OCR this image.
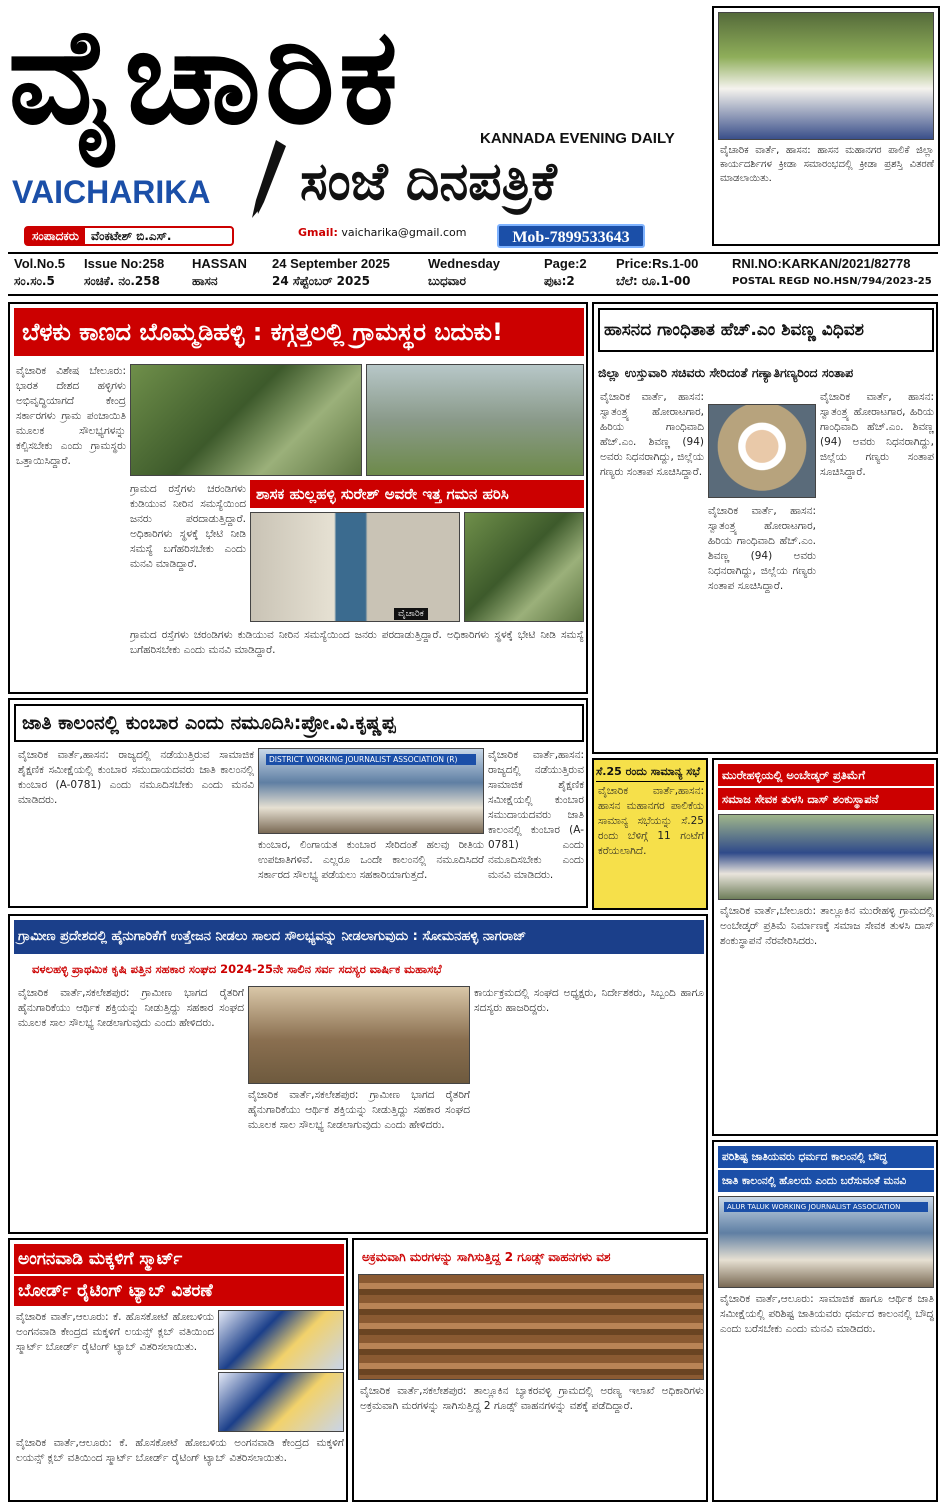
ವೈಚಾರಿಕ
VAICHARIKA
KANNADA EVENING DAILY
ಸಂಜೆ ದಿನಪತ್ರಿಕೆ
ಸಂಪಾದಕರು	ವೆಂಕಟೇಶ್ ಬಿ.ಎಸ್.	Gmail: vaicharika@gmail.com	Mob-7899533643
ವೈಚಾರಿಕ ವಾರ್ತೆ, ಹಾಸನ: ಹಾಸನ ಮಹಾನಗರ ಪಾಲಿಕೆ ಜಿಲ್ಲಾ ಕಾರ್ಯದರ್ಶಿಗಳ ಕ್ರೀಡಾ ಸಮಾರಂಭದಲ್ಲಿ ಕ್ರೀಡಾ ಪ್ರಶಸ್ತಿ ವಿತರಣೆ ಮಾಡಲಾಯಿತು.
Vol.No.5 Issue No:258 HASSAN 24 September 2025	Wednesday	Page:2 Price:Rs.1-00	RNI.NO:KARKAN/2021/82778
ಸಂ.ಸಂ.5 ಸಂಚಿಕೆ. ನಂ.258	ಹಾಸನ	24 ಸೆಪ್ಟೆಂಬರ್ 2025	ಬುಧವಾರ	ಪುಟ:2	ಬೆಲೆ: ರೂ.1-00	POSTAL REGD NO.HSN/794/2023-25
ಬೆಳಕು ಕಾಣದ ಬೊಮ್ಮಡಿಹಳ್ಳಿ : ಕಗ್ಗತ್ತಲಲ್ಲಿ ಗ್ರಾಮಸ್ಥರ ಬದುಕು!
ವೈಚಾರಿಕ ವಿಶೇಷ ಬೇಲೂರು: ಭಾರತ ದೇಶದ ಹಳ್ಳಿಗಳು ಅಭಿವೃದ್ಧಿಯಾಗದೆ ಕೇಂದ್ರ ಸರ್ಕಾರಗಳು ಗ್ರಾಮ ಪಂಚಾಯಿತಿ ಮೂಲಕ ಸೌಲಭ್ಯಗಳನ್ನು ಕಲ್ಪಿಸಬೇಕು ಎಂದು ಗ್ರಾಮಸ್ಥರು ಒತ್ತಾಯಿಸಿದ್ದಾರೆ.
ಶಾಸಕ ಹುಲ್ಲಹಳ್ಳಿ ಸುರೇಶ್ ಅವರೇ ಇತ್ತ ಗಮನ ಹರಿಸಿ
ಗ್ರಾಮದ ರಸ್ತೆಗಳು ಚರಂಡಿಗಳು ಕುಡಿಯುವ ನೀರಿನ ಸಮಸ್ಯೆಯಿಂದ ಜನರು ಪರದಾಡುತ್ತಿದ್ದಾರೆ. ಅಧಿಕಾರಿಗಳು ಸ್ಥಳಕ್ಕೆ ಭೇಟಿ ನೀಡಿ ಸಮಸ್ಯೆ ಬಗೆಹರಿಸಬೇಕು ಎಂದು ಮನವಿ ಮಾಡಿದ್ದಾರೆ.
ವೈಚಾರಿಕ
ಗ್ರಾಮದ ರಸ್ತೆಗಳು ಚರಂಡಿಗಳು ಕುಡಿಯುವ ನೀರಿನ ಸಮಸ್ಯೆಯಿಂದ ಜನರು ಪರದಾಡುತ್ತಿದ್ದಾರೆ. ಅಧಿಕಾರಿಗಳು ಸ್ಥಳಕ್ಕೆ ಭೇಟಿ ನೀಡಿ ಸಮಸ್ಯೆ ಬಗೆಹರಿಸಬೇಕು ಎಂದು ಮನವಿ ಮಾಡಿದ್ದಾರೆ.
ಹಾಸನದ ಗಾಂಧಿತಾತ ಹೆಚ್.ಎಂ ಶಿವಣ್ಣ ವಿಧಿವಶ
ಜಿಲ್ಲಾ ಉಸ್ತುವಾರಿ ಸಚಿವರು ಸೇರಿದಂತೆ ಗಣ್ಯಾತಿಗಣ್ಯರಿಂದ ಸಂತಾಪ
ವೈಚಾರಿಕ ವಾರ್ತೆ, ಹಾಸನ: ಸ್ವಾತಂತ್ರ್ಯ ಹೋರಾಟಗಾರ, ಹಿರಿಯ ಗಾಂಧಿವಾದಿ ಹೆಚ್.ಎಂ. ಶಿವಣ್ಣ (94) ಅವರು ನಿಧನರಾಗಿದ್ದು, ಜಿಲ್ಲೆಯ ಗಣ್ಯರು ಸಂತಾಪ ಸೂಚಿಸಿದ್ದಾರೆ.
ವೈಚಾರಿಕ ವಾರ್ತೆ, ಹಾಸನ: ಸ್ವಾತಂತ್ರ್ಯ ಹೋರಾಟಗಾರ, ಹಿರಿಯ ಗಾಂಧಿವಾದಿ ಹೆಚ್.ಎಂ. ಶಿವಣ್ಣ (94) ಅವರು ನಿಧನರಾಗಿದ್ದು, ಜಿಲ್ಲೆಯ ಗಣ್ಯರು ಸಂತಾಪ ಸೂಚಿಸಿದ್ದಾರೆ.
ವೈಚಾರಿಕ ವಾರ್ತೆ, ಹಾಸನ: ಸ್ವಾತಂತ್ರ್ಯ ಹೋರಾಟಗಾರ, ಹಿರಿಯ ಗಾಂಧಿವಾದಿ ಹೆಚ್.ಎಂ. ಶಿವಣ್ಣ (94) ಅವರು ನಿಧನರಾಗಿದ್ದು, ಜಿಲ್ಲೆಯ ಗಣ್ಯರು ಸಂತಾಪ ಸೂಚಿಸಿದ್ದಾರೆ.
ಜಾತಿ ಕಾಲಂನಲ್ಲಿ ಕುಂಬಾರ ಎಂದು ನಮೂದಿಸಿ:ಪ್ರೋ.ವಿ.ಕೃಷ್ಣಪ್ಪ
ವೈಚಾರಿಕ ವಾರ್ತೆ,ಹಾಸನ: ರಾಜ್ಯದಲ್ಲಿ ನಡೆಯುತ್ತಿರುವ ಸಾಮಾಜಿಕ ಶೈಕ್ಷಣಿಕ ಸಮೀಕ್ಷೆಯಲ್ಲಿ ಕುಂಬಾರ ಸಮುದಾಯದವರು ಜಾತಿ ಕಾಲಂನಲ್ಲಿ ಕುಂಬಾರ (A-0781) ಎಂದು ನಮೂದಿಸಬೇಕು ಎಂದು ಮನವಿ ಮಾಡಿದರು.
DISTRICT WORKING JOURNALIST ASSOCIATION (R)	ವೈಚಾರಿಕ ವಾರ್ತೆ,ಹಾಸನ: ರಾಜ್ಯದಲ್ಲಿ ನಡೆಯುತ್ತಿರುವ ಸಾಮಾಜಿಕ ಶೈಕ್ಷಣಿಕ ಸಮೀಕ್ಷೆಯಲ್ಲಿ ಕುಂಬಾರ ಸಮುದಾಯದವರು ಜಾತಿ ಕಾಲಂನಲ್ಲಿ ಕುಂಬಾರ (A-0781) ಎಂದು ನಮೂದಿಸಬೇಕು ಎಂದು ಮನವಿ ಮಾಡಿದರು.
ಕುಂಬಾರ, ಲಿಂಗಾಯತ ಕುಂಬಾರ ಸೇರಿದಂತೆ ಹಲವು ರೀತಿಯ ಉಪಜಾತಿಗಳಿವೆ. ಎಲ್ಲರೂ ಒಂದೇ ಕಾಲಂನಲ್ಲಿ ನಮೂದಿಸಿದರೆ ಸರ್ಕಾರದ ಸೌಲಭ್ಯ ಪಡೆಯಲು ಸಹಕಾರಿಯಾಗುತ್ತದೆ.
ಸೆ.25 ರಂದು ಸಾಮಾನ್ಯ ಸಭೆ
ವೈಚಾರಿಕ ವಾರ್ತೆ,ಹಾಸನ: ಹಾಸನ ಮಹಾನಗರ ಪಾಲಿಕೆಯ ಸಾಮಾನ್ಯ ಸಭೆಯನ್ನು ಸೆ.25 ರಂದು ಬೆಳಿಗ್ಗೆ 11 ಗಂಟೆಗೆ ಕರೆಯಲಾಗಿದೆ.
ಮುರೇಹಳ್ಳಿಯಲ್ಲಿ ಅಂಬೇಡ್ಕರ್ ಪ್ರತಿಮೆಗೆ
ಸಮಾಜ ಸೇವಕ ತುಳಸಿ ದಾಸ್ ಶಂಕುಸ್ಥಾಪನೆ
ವೈಚಾರಿಕ ವಾರ್ತೆ,ಬೇಲೂರು: ತಾಲ್ಲೂಕಿನ ಮುರೇಹಳ್ಳಿ ಗ್ರಾಮದಲ್ಲಿ ಅಂಬೇಡ್ಕರ್ ಪ್ರತಿಮೆ ನಿರ್ಮಾಣಕ್ಕೆ ಸಮಾಜ ಸೇವಕ ತುಳಸಿ ದಾಸ್ ಶಂಕುಸ್ಥಾಪನೆ ನೆರವೇರಿಸಿದರು.
ಗ್ರಾಮೀಣ ಪ್ರದೇಶದಲ್ಲಿ ಹೈನುಗಾರಿಕೆಗೆ ಉತ್ತೇಜನ ನೀಡಲು ಸಾಲದ ಸೌಲಭ್ಯವನ್ನು ನೀಡಲಾಗುವುದು : ಸೋಮನಹಳ್ಳಿ ನಾಗರಾಜ್
ವಳಲಹಳ್ಳಿ ಪ್ರಾಥಮಿಕ ಕೃಷಿ ಪತ್ತಿನ ಸಹಕಾರ ಸಂಘದ 2024-25ನೇ ಸಾಲಿನ ಸರ್ವ ಸದಸ್ಯರ ವಾರ್ಷಿಕ ಮಹಾಸಭೆ
ವೈಚಾರಿಕ ವಾರ್ತೆ,ಸಕಲೇಶಪುರ: ಗ್ರಾಮೀಣ ಭಾಗದ ರೈತರಿಗೆ ಹೈನುಗಾರಿಕೆಯು ಆರ್ಥಿಕ ಶಕ್ತಿಯನ್ನು ನೀಡುತ್ತಿದ್ದು ಸಹಕಾರ ಸಂಘದ ಮೂಲಕ ಸಾಲ ಸೌಲಭ್ಯ ನೀಡಲಾಗುವುದು ಎಂದು ಹೇಳಿದರು.
ವೈಚಾರಿಕ ವಾರ್ತೆ,ಸಕಲೇಶಪುರ: ಗ್ರಾಮೀಣ ಭಾಗದ ರೈತರಿಗೆ ಹೈನುಗಾರಿಕೆಯು ಆರ್ಥಿಕ ಶಕ್ತಿಯನ್ನು ನೀಡುತ್ತಿದ್ದು ಸಹಕಾರ ಸಂಘದ ಮೂಲಕ ಸಾಲ ಸೌಲಭ್ಯ ನೀಡಲಾಗುವುದು ಎಂದು ಹೇಳಿದರು.
ಕಾರ್ಯಕ್ರಮದಲ್ಲಿ ಸಂಘದ ಅಧ್ಯಕ್ಷರು, ನಿರ್ದೇಶಕರು, ಸಿಬ್ಬಂದಿ ಹಾಗೂ ಸದಸ್ಯರು ಹಾಜರಿದ್ದರು.
ಅಂಗನವಾಡಿ ಮಕ್ಕಳಿಗೆ ಸ್ಮಾರ್ಟ್
ಬೋರ್ಡ್ ರೈಟಿಂಗ್ ಟ್ಯಾಬ್ ವಿತರಣೆ
ವೈಚಾರಿಕ ವಾರ್ತೆ,ಆಲೂರು: ಕೆ. ಹೊಸಕೋಟೆ ಹೋಬಳಿಯ ಅಂಗನವಾಡಿ ಕೇಂದ್ರದ ಮಕ್ಕಳಿಗೆ ಲಯನ್ಸ್ ಕ್ಲಬ್ ವತಿಯಿಂದ ಸ್ಮಾರ್ಟ್ ಬೋರ್ಡ್ ರೈಟಿಂಗ್ ಟ್ಯಾಬ್ ವಿತರಿಸಲಾಯಿತು.
ವೈಚಾರಿಕ ವಾರ್ತೆ,ಆಲೂರು: ಕೆ. ಹೊಸಕೋಟೆ ಹೋಬಳಿಯ ಅಂಗನವಾಡಿ ಕೇಂದ್ರದ ಮಕ್ಕಳಿಗೆ ಲಯನ್ಸ್ ಕ್ಲಬ್ ವತಿಯಿಂದ ಸ್ಮಾರ್ಟ್ ಬೋರ್ಡ್ ರೈಟಿಂಗ್ ಟ್ಯಾಬ್ ವಿತರಿಸಲಾಯಿತು.
ಅಕ್ರಮವಾಗಿ ಮರಗಳನ್ನು ಸಾಗಿಸುತ್ತಿದ್ದ 2 ಗೂಡ್ಸ್ ವಾಹನಗಳು ವಶ
ವೈಚಾರಿಕ ವಾರ್ತೆ,ಸಕಲೇಶಪುರ: ತಾಲ್ಲೂಕಿನ ಬ್ಯಾಕರವಳ್ಳಿ ಗ್ರಾಮದಲ್ಲಿ ಅರಣ್ಯ ಇಲಾಖೆ ಅಧಿಕಾರಿಗಳು ಅಕ್ರಮವಾಗಿ ಮರಗಳನ್ನು ಸಾಗಿಸುತ್ತಿದ್ದ 2 ಗೂಡ್ಸ್ ವಾಹನಗಳನ್ನು ವಶಕ್ಕೆ ಪಡೆದಿದ್ದಾರೆ.
ಪರಿಶಿಷ್ಟ ಜಾತಿಯವರು ಧರ್ಮದ ಕಾಲಂನಲ್ಲಿ ಬೌದ್ಧ
ಜಾತಿ ಕಾಲಂನಲ್ಲಿ ಹೊಲಯ ಎಂದು ಬರೆಸುವಂತೆ ಮನವಿ
ALUR TALUK WORKING JOURNALIST ASSOCIATION
ವೈಚಾರಿಕ ವಾರ್ತೆ,ಆಲೂರು: ಸಾಮಾಜಿಕ ಹಾಗೂ ಆರ್ಥಿಕ ಜಾತಿ ಸಮೀಕ್ಷೆಯಲ್ಲಿ ಪರಿಶಿಷ್ಟ ಜಾತಿಯವರು ಧರ್ಮದ ಕಾಲಂನಲ್ಲಿ ಬೌದ್ಧ ಎಂದು ಬರೆಸಬೇಕು ಎಂದು ಮನವಿ ಮಾಡಿದರು.
